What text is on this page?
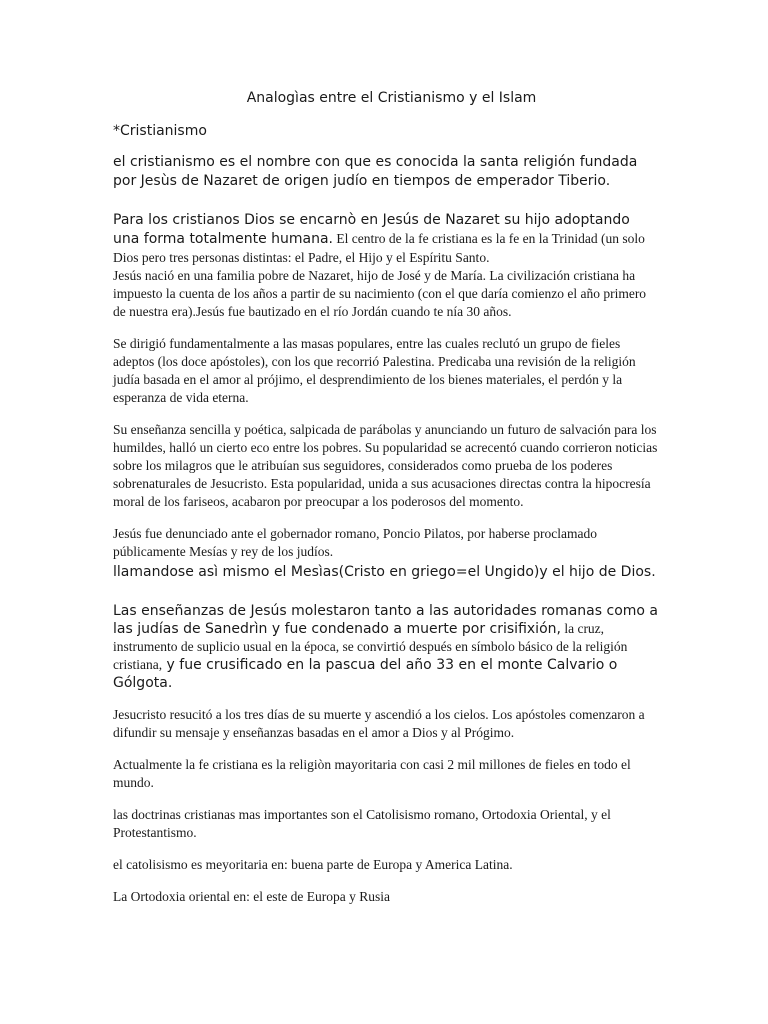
Analogìas entre el Cristianismo y el Islam
*Cristianismo

el cristianismo es el nombre con que es conocida la santa religión fundada por Jesùs de Nazaret de origen judío en tiempos de emperador Tiberio.

Para los cristianos Dios se encarnò en Jesús de Nazaret su hijo adoptando una forma totalmente humana. El centro de la fe cristiana es la fe en la Trinidad (un solo Dios pero tres personas distintas: el Padre, el Hijo y el Espíritu Santo.

Jesús nació en una familia pobre de Nazaret, hijo de José y de María. La civilización cristiana ha impuesto la cuenta de los años a partir de su nacimiento (con el que daría comienzo el año primero de nuestra era).Jesús fue bautizado en el río Jordán cuando te nía 30 años.

Se dirigió fundamentalmente a las masas populares, entre las cuales reclutó un grupo de fieles adeptos (los doce apóstoles), con los que recorrió Palestina. Predicaba una revisión de la religión judía basada en el amor al prójimo, el desprendimiento de los bienes materiales, el perdón y la esperanza de vida eterna.

Su enseñanza sencilla y poética, salpicada de parábolas y anunciando un futuro de salvación para los humildes, halló un cierto eco entre los pobres. Su popularidad se acrecentó cuando corrieron noticias sobre los milagros que le atribuían sus seguidores, considerados como prueba de los poderes sobrenaturales de Jesucristo. Esta popularidad, unida a sus acusaciones directas contra la hipocresía moral de los fariseos, acabaron por preocupar a los poderosos del momento.

Jesús fue denunciado ante el gobernador romano, Poncio Pilatos, por haberse proclamado públicamente Mesías y rey de los judíos.

llamandose asì mismo el Mesìas(Cristo en griego=el Ungido)y el hijo de Dios.

Las enseñanzas de Jesús molestaron tanto a las autoridades romanas como a las judías de Sanedrìn y fue condenado a muerte por crisifixión, la cruz, instrumento de suplicio usual en la época, se convirtió después en símbolo básico de la religión cristiana, y fue crusificado en la pascua del año 33 en el monte Calvario o Gólgota.

Jesucristo resucitó a los tres días de su muerte y ascendió a los cielos. Los apóstoles comenzaron a difundir su mensaje y enseñanzas basadas en el amor a Dios y al Prógimo.

Actualmente la fe cristiana es la religiòn mayoritaria con casi 2 mil millones de fieles en todo el mundo.

las doctrinas cristianas mas importantes son el Catolisismo romano, Ortodoxia Oriental, y el Protestantismo.

el catolisismo es meyoritaria en: buena parte de Europa y America Latina.

La Ortodoxia oriental en: el este de Europa y Rusia
